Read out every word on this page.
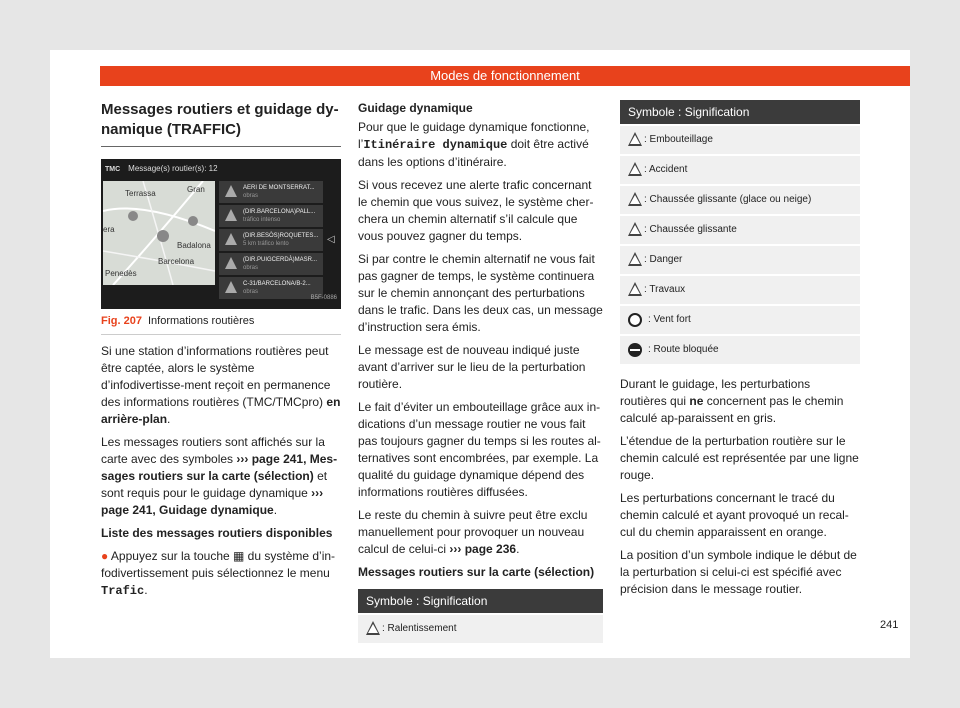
Modes de fonctionnement
Messages routiers et guidage dy-
namique (TRAFFIC)
TMC Message(s) routier(s): 12
Terrassa	Gran
era
Barcelona
Penedès
Badalona
AERI DE MONTSERRAT...
obras
(DIR.BARCELONA)PALL...
tráfico intenso
(DIR.BESÒS)ROQUETES...
5 km tráfico lento
(DIR.PUIGCERDÀ)MASR...
obras
C-31/BARCELONA/B-2...
obras
◁
B5F-0886
Fig. 207 Informations routières

Si une station d’informations routières peut être captée, alors le système d’infodivertisse-ment reçoit en permanence des informations routières (TMC/TMCpro) en arrière-plan.

Les messages routiers sont affichés sur la carte avec des symboles ››› page 241, Mes-sages routiers sur la carte (sélection) et sont requis pour le guidage dynamique ››› page 241, Guidage dynamique.

Liste des messages routiers disponibles

● Appuyez sur la touche ▦ du système d’in-fodivertissement puis sélectionnez le menu Trafic.

Guidage dynamique

Pour que le guidage dynamique fonctionne, l’Itinéraire dynamique doit être activé dans les options d’itinéraire.

Si vous recevez une alerte trafic concernant le chemin que vous suivez, le système cher-chera un chemin alternatif s’il calcule que vous pouvez gagner du temps.

Si par contre le chemin alternatif ne vous fait pas gagner de temps, le système continuera sur le chemin annonçant des perturbations dans le trafic. Dans les deux cas, un message d’instruction sera émis.

Le message est de nouveau indiqué juste avant d’arriver sur le lieu de la perturbation routière.

Le fait d’éviter un embouteillage grâce aux in-dications d’un message routier ne vous fait pas toujours gagner du temps si les routes al-ternatives sont encombrées, par exemple. La qualité du guidage dynamique dépend des informations routières diffusées.

Le reste du chemin à suivre peut être exclu manuellement pour provoquer un nouveau calcul de celui-ci ››› page 236.

Messages routiers sur la carte (sélection)

Symbole : Signification
: Ralentissement
Symbole : Signification
: Embouteillage
: Accident
: Chaussée glissante (glace ou neige)
: Chaussée glissante
: Danger
: Travaux
: Vent fort
: Route bloquée

Durant le guidage, les perturbations routières qui ne concernent pas le chemin calculé ap-paraissent en gris.

L’étendue de la perturbation routière sur le chemin calculé est représentée par une ligne rouge.

Les perturbations concernant le tracé du chemin calculé et ayant provoqué un recal-cul du chemin apparaissent en orange.

La position d’un symbole indique le début de la perturbation si celui-ci est spécifié avec précision dans le message routier.

241
